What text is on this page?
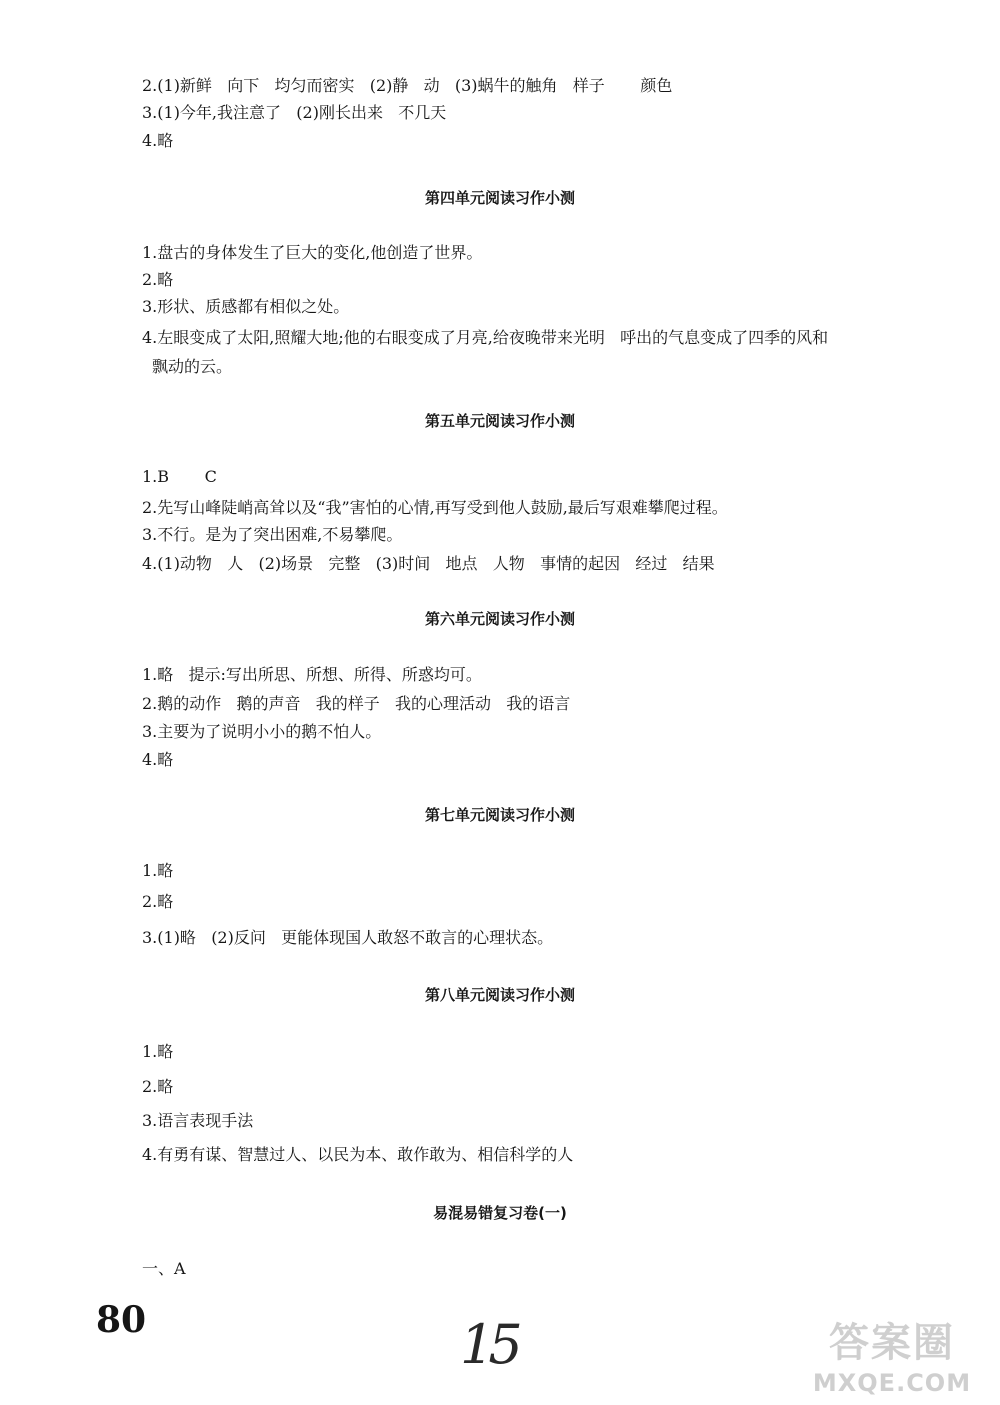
2.(1)新鲜   向下   均匀而密实   (2)静   动   (3)蜗牛的触角   样子       颜色
3.(1)今年,我注意了   (2)刚长出来   不几天
4.略
第四单元阅读习作小测
1.盘古的身体发生了巨大的变化,他创造了世界。
2.略
3.形状、质感都有相似之处。
4.左眼变成了太阳,照耀大地;他的右眼变成了月亮,给夜晚带来光明   呼出的气息变成了四季的风和
飘动的云。
第五单元阅读习作小测
1.B       C
2.先写山峰陡峭高耸以及“我”害怕的心情,再写受到他人鼓励,最后写艰难攀爬过程。
3.不行。是为了突出困难,不易攀爬。
4.(1)动物   人   (2)场景   完整   (3)时间   地点   人物   事情的起因   经过   结果
第六单元阅读习作小测
1.略   提示:写出所思、所想、所得、所惑均可。
2.鹅的动作   鹅的声音   我的样子   我的心理活动   我的语言
3.主要为了说明小小的鹅不怕人。
4.略
第七单元阅读习作小测
1.略
2.略
3.(1)略   (2)反问   更能体现国人敢怒不敢言的心理状态。
第八单元阅读习作小测
1.略
2.略
3.语言表现手法
4.有勇有谋、智慧过人、以民为本、敢作敢为、相信科学的人
易混易错复习卷(一)
一、A
80	15	答案圈
MXQE.COM
